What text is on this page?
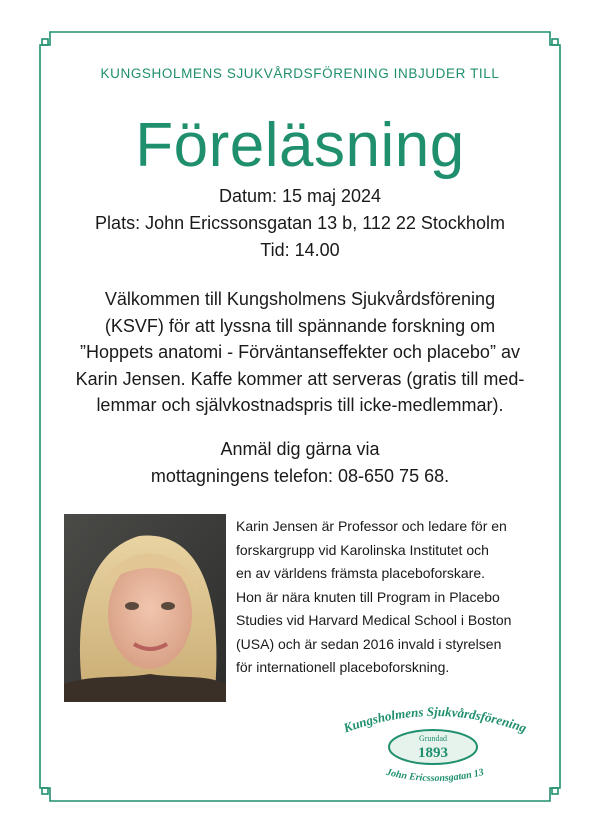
KUNGSHOLMENS SJUKVÅRDSFÖRENING INBJUDER TILL
Föreläsning
Datum: 15 maj 2024
Plats: John Ericssonsgatan 13 b, 112 22 Stockholm
Tid: 14.00
Välkommen till Kungsholmens Sjukvårdsförening
(KSVF) för att lyssna till spännande forskning om
”Hoppets anatomi - Förväntanseffekter och placebo” av
Karin Jensen. Kaffe kommer att serveras (gratis till med-
lemmar och självkostnadspris till icke-medlemmar).
Anmäl dig gärna via
mottagningens telefon: 08-650 75 68.
Karin Jensen är Professor och ledare för en
forskargrupp vid Karolinska Institutet och
en av världens främsta placeboforskare.
Hon är nära knuten till Program in Placebo
Studies vid Harvard Medical School i Boston
(USA) och är sedan 2016 invald i styrelsen
för internationell placeboforskning.
Kungsholmens Sjukvårdsförening
Grundad
1893
John Ericssonsgatan 13
